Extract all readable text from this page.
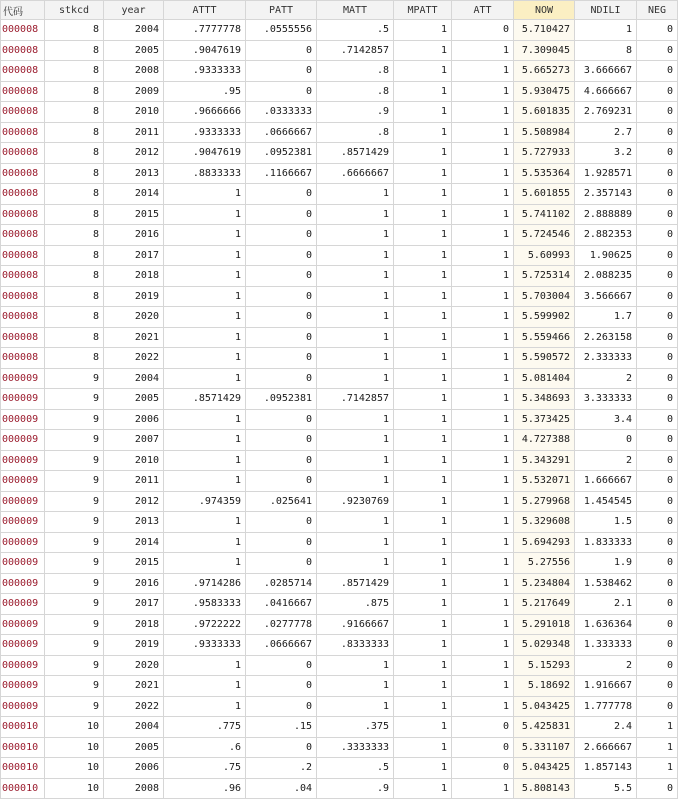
代码	stkcd	year	ATTT	PATT	MATT	MPATT	ATT	NOW	NDILI	NEG
000008	8	2004	.7777778	.0555556	.5	1	0	5.710427	1	0
000008	8	2005	.9047619	0	.7142857	1	1	7.309045	8	0
000008	8	2008	.9333333	0	.8	1	1	5.665273	3.666667	0
000008	8	2009	.95	0	.8	1	1	5.930475	4.666667	0
000008	8	2010	.9666666	.0333333	.9	1	1	5.601835	2.769231	0
000008	8	2011	.9333333	.0666667	.8	1	1	5.508984	2.7	0
000008	8	2012	.9047619	.0952381	.8571429	1	1	5.727933	3.2	0
000008	8	2013	.8833333	.1166667	.6666667	1	1	5.535364	1.928571	0
000008	8	2014	1	0	1	1	1	5.601855	2.357143	0
000008	8	2015	1	0	1	1	1	5.741102	2.888889	0
000008	8	2016	1	0	1	1	1	5.724546	2.882353	0
000008	8	2017	1	0	1	1	1	5.60993	1.90625	0
000008	8	2018	1	0	1	1	1	5.725314	2.088235	0
000008	8	2019	1	0	1	1	1	5.703004	3.566667	0
000008	8	2020	1	0	1	1	1	5.599902	1.7	0
000008	8	2021	1	0	1	1	1	5.559466	2.263158	0
000008	8	2022	1	0	1	1	1	5.590572	2.333333	0
000009	9	2004	1	0	1	1	1	5.081404	2	0
000009	9	2005	.8571429	.0952381	.7142857	1	1	5.348693	3.333333	0
000009	9	2006	1	0	1	1	1	5.373425	3.4	0
000009	9	2007	1	0	1	1	1	4.727388	0	0
000009	9	2010	1	0	1	1	1	5.343291	2	0
000009	9	2011	1	0	1	1	1	5.532071	1.666667	0
000009	9	2012	.974359	.025641	.9230769	1	1	5.279968	1.454545	0
000009	9	2013	1	0	1	1	1	5.329608	1.5	0
000009	9	2014	1	0	1	1	1	5.694293	1.833333	0
000009	9	2015	1	0	1	1	1	5.27556	1.9	0
000009	9	2016	.9714286	.0285714	.8571429	1	1	5.234804	1.538462	0
000009	9	2017	.9583333	.0416667	.875	1	1	5.217649	2.1	0
000009	9	2018	.9722222	.0277778	.9166667	1	1	5.291018	1.636364	0
000009	9	2019	.9333333	.0666667	.8333333	1	1	5.029348	1.333333	0
000009	9	2020	1	0	1	1	1	5.15293	2	0
000009	9	2021	1	0	1	1	1	5.18692	1.916667	0
000009	9	2022	1	0	1	1	1	5.043425	1.777778	0
000010	10	2004	.775	.15	.375	1	0	5.425831	2.4	1
000010	10	2005	.6	0	.3333333	1	0	5.331107	2.666667	1
000010	10	2006	.75	.2	.5	1	0	5.043425	1.857143	1
000010	10	2008	.96	.04	.9	1	1	5.808143	5.5	0
